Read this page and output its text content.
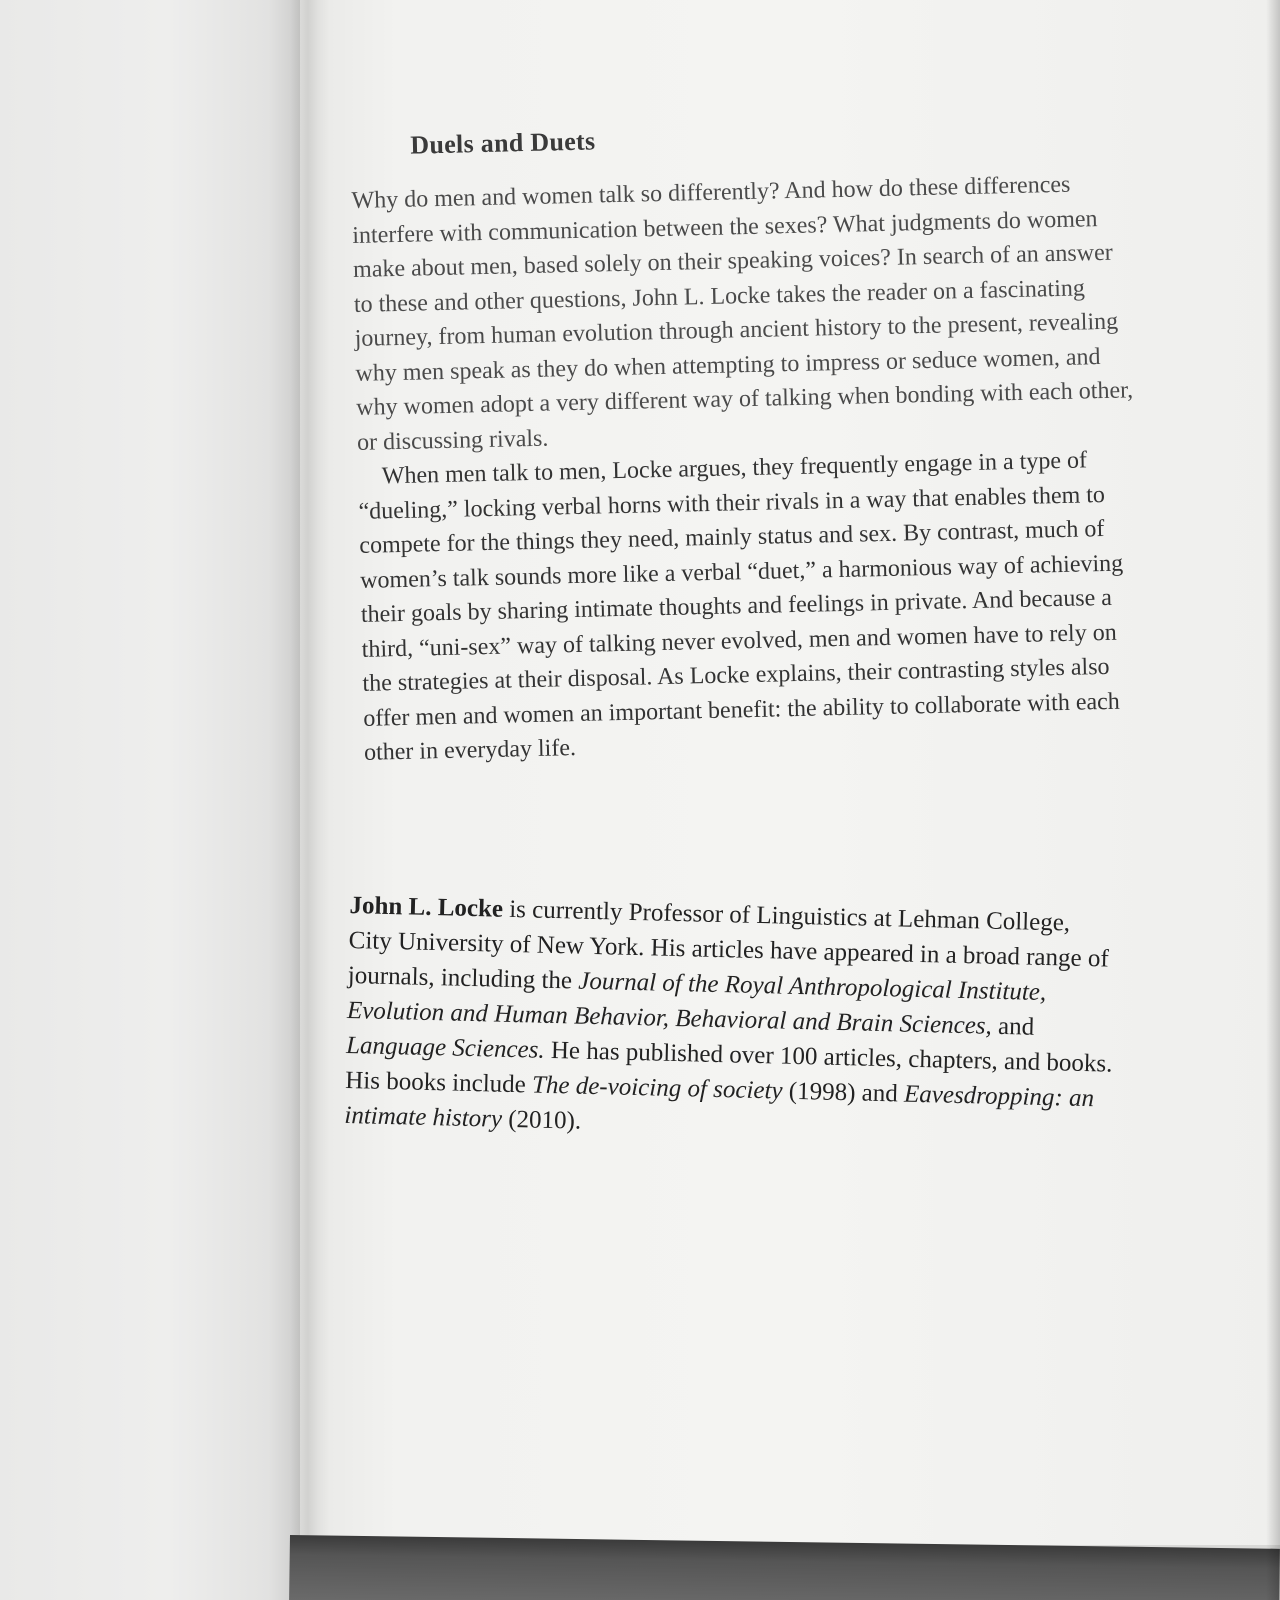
Duels and Duets

Why do men and women talk so differently? And how do these differences interfere with communication between the sexes? What judgments do women make about men, based solely on their speaking voices? In search of an answer to these and other questions, John L. Locke takes the reader on a fascinating journey, from human evolution through ancient history to the present, revealing why men speak as they do when attempting to impress or seduce women, and why women adopt a very different way of talking when bonding with each other, or discussing rivals.

When men talk to men, Locke argues, they frequently engage in a type of “dueling,” locking verbal horns with their rivals in a way that enables them to compete for the things they need, mainly status and sex. By contrast, much of women’s talk sounds more like a verbal “duet,” a harmonious way of achieving their goals by sharing intimate thoughts and feelings in private. And because a third, “uni-sex” way of talking never evolved, men and women have to rely on the strategies at their disposal. As Locke explains, their contrasting styles also offer men and women an important benefit: the ability to collaborate with each other in everyday life.

John L. Locke is currently Professor of Linguistics at Lehman College, City University of New York. His articles have appeared in a broad range of journals, including the Journal of the Royal Anthropological Institute, Evolution and Human Behavior, Behavioral and Brain Sciences, and Language Sciences. He has published over 100 articles, chapters, and books. His books include The de-voicing of society (1998) and Eavesdropping: an intimate history (2010).
